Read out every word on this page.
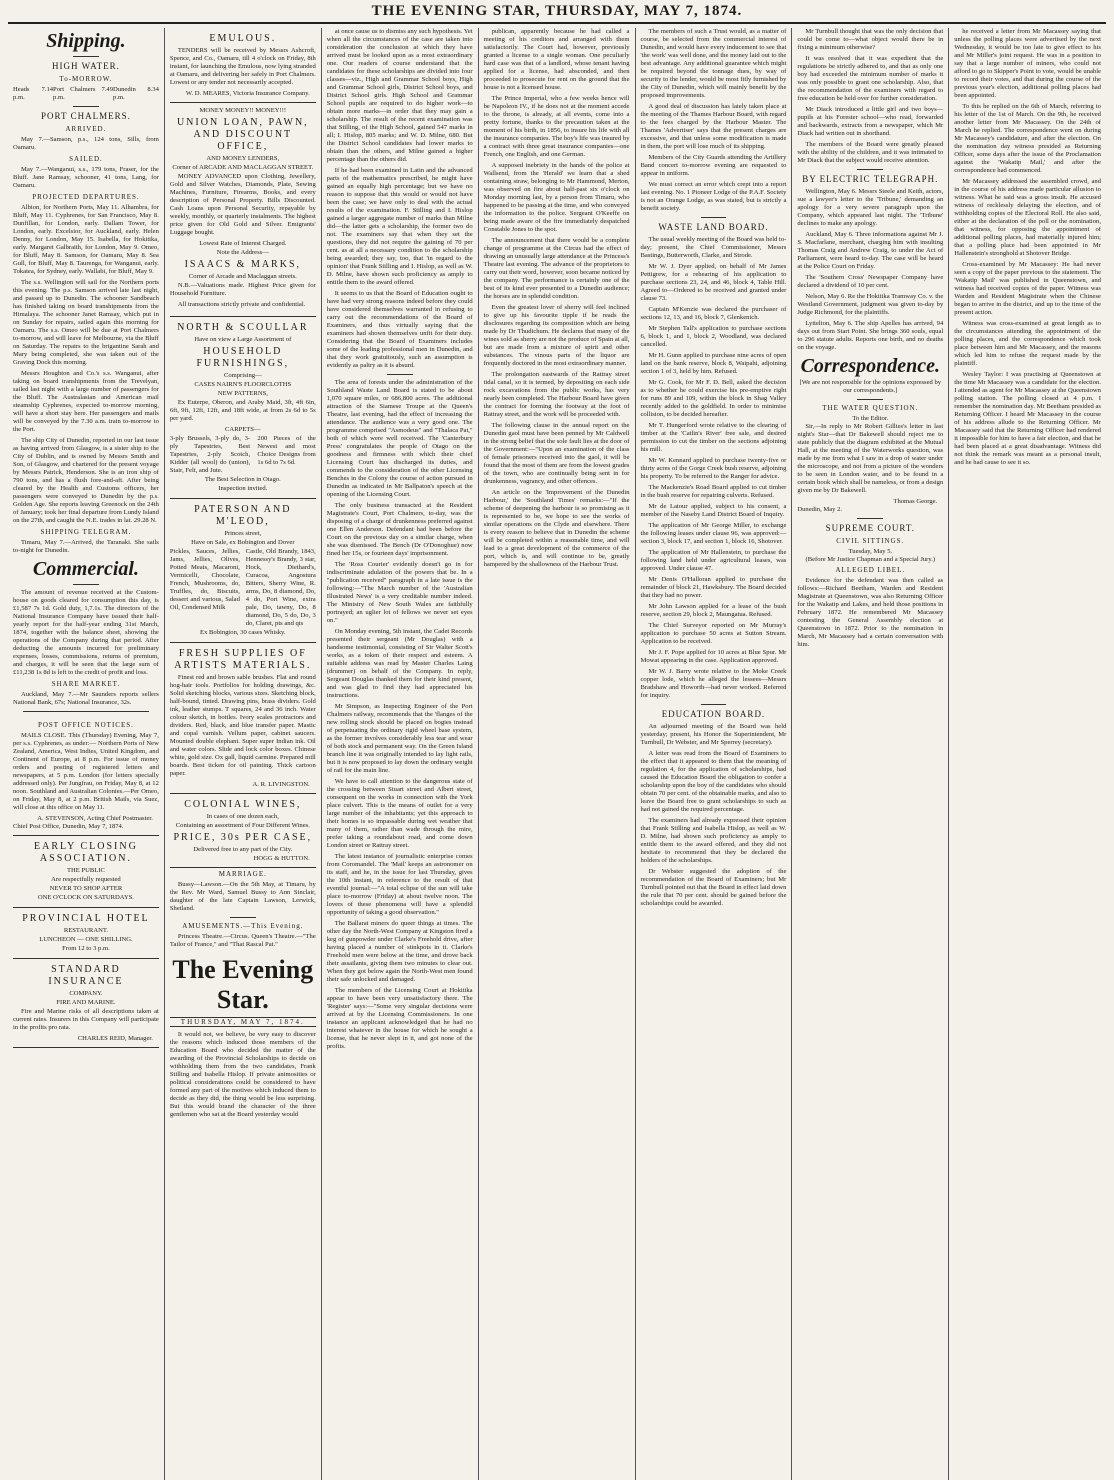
THE EVENING STAR, THURSDAY, MAY 7, 1874.
Shipping.
HIGH WATER.
To-MORROW.
Heads 7.14 p.m.
Port Chalmers 7.49 p.m.
Dunedin 8.34 p.m.
PORT CHALMERS.
ARRIVED.

May 7.—Samson, p.s., 124 tons, Sills, from Oamaru.

SAILED.

May 7.—Wanganui, s.s., 179 tons, Fraser, for the Bluff. Jane Ramsay, schooner, 41 tons, Lang, for Oamaru.

PROJECTED DEPARTURES.

Albion, for Northern Ports, May 11. Alhambra, for Bluff, May 11. Cyphrenes, for San Francisco, May 8. Dunfillan, for London, early. Dallam Tower, for London, early. Excelsior, for Auckland, early. Helen Denny, for London, May 15. Isabella, for Hokitika, early. Margaret Galbraith, for London, May 9. Omeo, for Bluff, May 8. Samson, for Oamaru, May 8. Sea Gull, for Bluff, May 8. Taurenga, for Wanganui, early. Tokatea, for Sydney, early. Wallabi, for Bluff, May 9.

The s.s. Wellington will sail for the Northern ports this evening. The p.s. Samson arrived late last night, and passed up to Dunedin. The schooner Sandbeach has finished taking on board transhipments from the Himalaya. The schooner Janet Ramsay, which put in on Sunday for repairs, sailed again this morning for Oamaru. The s.s. Omeo will be due at Port Chalmers to-morrow, and will leave for Melbourne, via the Bluff on Saturday. The repairs to the brigantine Sarah and Mary being completed, she was taken out of the Graving Dock this morning.

Messrs Houghton and Co.'s s.s. Wanganui, after taking on board transhipments from the Trevelyan, sailed last night with a large number of passengers for the Bluff. The Australasian and American mail steamship Cyphrenes, expected to-morrow morning, will have a short stay here. Her passengers and mails will be conveyed by the 7.30 a.m. train to-morrow to the Port.

The ship City of Dunedin, reported in our last issue as having arrived from Glasgow, is a sister ship to the City of Dublin, and is owned by Messrs Smith and Son, of Glasgow, and chartered for the present voyage by Messrs Patrick, Henderson. She is an iron ship of 790 tons, and has a flush fore-and-aft. After being cleared by the Health and Customs officers, her passengers were conveyed to Dunedin by the p.s. Golden Age. She reports leaving Greenock on the 24th of January; took her final departure from Lundy Island on the 27th, and caught the N.E. trades in lat. 29.28 N.

SHIPPING TELEGRAM.

Timaru, May 7.—Arrived, the Taranaki. She sails to-night for Dunedin.

Commercial.

The amount of revenue received at the Custom-house on goods cleared for consumption this day, is £1,587 7s 1d. Gold duty, 1,7.1s. The directors of the National Insurance Company have issued their half-yearly report for the half-year ending 31st March, 1874, together with the balance sheet, showing the operations of the Company during that period. After deducting the amounts incurred for preliminary expenses, losses, commissions, returns of premium, and charges, it will be seen that the large sum of £11,238 1s 8d is left to the credit of profit and loss.

SHARE MARKET.

Auckland, May 7.—Mr Saunders reports sellers National Bank, 67s; National Insurance, 32s.

POST OFFICE NOTICES.

MAILS CLOSE. This (Thursday) Evening, May 7, per s.s. Cyphrenes, as under:— Northern Ports of New Zealand, America, West Indies, United Kingdom, and Continent of Europe, at 8 p.m. For issue of money orders and posting of registered letters and newspapers, at 5 p.m. London (for letters specially addressed only). Per Jungfrau, on Friday, May 8, at 12 noon. Southland and Australian Colonies.—Per Omeo, on Friday, May 8, at 2 p.m. British Mails, via Suez, will close at this office on May 11.

A. STEVENSON, Acting Chief Postmaster.
Chief Post Office, Dunedin, May 7, 1874.
EARLY CLOSING ASSOCIATION.
THE PUBLIC
Are respectfully requested
NEVER TO SHOP AFTER
ONE O'CLOCK ON SATURDAYS.
PROVINCIAL HOTEL
RESTAURANT.
LUNCHEON — ONE SHILLING.
From 12 to 3 p.m.
STANDARD INSURANCE
COMPANY.
FIRE AND MARINE.

Fire and Marine risks of all descriptions taken at current rates. Insurers in this Company will participate in the profits pro rata.

CHARLES REID, Manager.
EMULOUS.

TENDERS will be received by Messrs Ashcroft, Spence, and Co., Oamaru, till 4 o'clock on Friday, 8th instant, for launching the Emulous, now lying stranded at Oamaru, and delivering her safely in Port Chalmers. Lowest or any tender not necessarily accepted.

W. D. MEARES, Victoria Insurance Company.
MONEY MONEY!! MONEY!!!
UNION LOAN, PAWN, AND DISCOUNT OFFICE,
AND MONEY LENDERS,
Corner of ARCADE AND MACLAGGAN STREET.

MONEY ADVANCED upon Clothing, Jewellery, Gold and Silver Watches, Diamonds, Plate, Sewing Machines, Furniture, Firearms, Books, and every description of Personal Property. Bills Discounted. Cash Loans upon Personal Security, repayable by weekly, monthly, or quarterly instalments. The highest price given for Old Gold and Silver. Emigrants' Luggage bought.

Lowest Rate of Interest Charged.
Note the Address—
ISAACS & MARKS,
Corner of Arcade and Maclaggan streets.

N.B.—Valuations made. Highest Price given for Household Furniture.

All transactions strictly private and confidential.

NORTH & SCOULLAR
Have on view a Large Assortment of
HOUSEHOLD FURNISHINGS,
Comprising—
CASES NAIRN'S FLOORCLOTHS
NEW PATTERNS,

Ex Euterpe, Oberon, and Araby Maid, 3ft, 4ft 6in, 6ft, 9ft, 12ft, 12ft, and 18ft wide, at from 2s 6d to 5s per yard.

CARPETS—
3-ply Brussels, 3-ply do, 3-ply Tapestries, Best Tapestries, 2-ply Scotch, Kidder (all wool) do (union), Stair, Felt, and Jute.
200 Pieces of the Newest and most Choice Designs from 1s 6d to 7s 6d.
The Best Selection in Otago.
Inspection invited.
PATERSON AND M'LEOD,
Princes street,
Have on Sale, ex Bobington and Dover
Pickles, Sauces, Jellies, Jams, Jellies, Olives, Potted Meats, Macaroni, Vermicelli, Chocolate, French, Mushrooms, do, Truffles, do, Biscuits, dessert and various, Salad Oil, Condensed Milk
Castle, Old Brandy, 1843, Hennessy's Brandy, 3 star, Hock, Diethard's, Curacoa, Angostura Bitters, Sherry Wine, R. arms, Do, 8 diamond, Do, 4 do, Port Wine, extra pale, Do, tawny, Do, 8 diamond, Do, 5 do, Do, 3 do, Claret, pts and qts
Ex Bobington, 30 cases Whisky.
FRESH SUPPLIES OF ARTISTS MATERIALS.

Finest red and brown sable brushes. Flat and round hog-hair tools. Portfolios for holding drawings, &c. Solid sketching blocks, various sizes. Sketching block, half-bound, tinted. Drawing pins, brass dividers. Gold ink, leather stumps. T squares, 24 and 36 inch. Water colour sketch, in bottles. Ivory scales protractors and dividers. Red, black, and blue transfer paper. Mastic and copal varnish. Vellum paper, cabinet saucers. Mounted double elephant. Super super Indian ink. Oil and water colors. Slide and lock color boxes. Chinese white, gold size. Ox gall, liquid carmine. Prepared mill boards. Best ticken for oil painting. Thick cartoon paper.

A. R. LIVINGSTON.
COLONIAL WINES,
In cases of one dozen each,
Containing an assortment of Four Different Wines.
PRICE, 30s PER CASE,
Delivered free to any part of the City.
HOGG & HUTTON.
MARRIAGE.

Bussy—Lawson.—On the 5th May, at Timaru, by the Rev. Mr Ward, Samuel Bussy to Ann Sinclair, daughter of the late Captain Lawson, Lerwick, Shetland.

AMUSEMENTS.—This Evening.

Princess Theatre.—Circus. Queen's Theatre.—"The Tailor of France," and "That Rascal Pat."

The Evening Star.
THURSDAY, MAY 7, 1874.

It would not, we believe, be very easy to discover the reasons which induced those members of the Education Board who decided the matter of the awarding of the Provincial Scholarships to decide on withholding them from the two candidates, Frank Stilling and Isabella Hislop. If private animosities or political considerations could be considered to have formed any part of the motives which induced them to decide as they did, the thing would be less surprising. But this would brand the character of the three gentlemen who sat at the Board yesterday would

at once cause us to dismiss any such hypothesis. Yet when all the circumstances of the case are taken into consideration the conclusion at which they have arrived must be looked upon as a most extraordinary one. Our readers of course understand that the candidates for these scholarships are divided into four classes—viz., High and Grammar School boys, High and Grammar School girls, District School boys, and District School girls. High School and Grammar School pupils are required to do higher work—to obtain more marks—in order that they may gain a scholarship. The result of the recent examination was that Stilling, of the High School, gained 547 marks in all; I. Hislop, 805 marks; and W. D. Milne, 680. But the District School candidates had lower marks to obtain than the others, and Milne gained a higher percentage than the others did.

If he had been examined in Latin and the advanced parts of the mathematics prescribed, he might have gained an equally high percentage; but we have no reason to suppose that this would or would not have been the case; we have only to deal with the actual results of the examination. F. Stilling and I. Hislop gained a larger aggregate number of marks than Milne did—the latter gets a scholarship, the former two do not. The examiners say that when they set the questions, they did not require the gaining of 70 per cent. as at all a necessary condition to the scholarship being awarded; they say, too, that 'in regard to the opinion' that Frank Stilling and I. Hislop, as well as W. D. Milne, have shown such proficiency as amply to entitle them to the award offered.

It seems to us that the Board of Education ought to have had very strong reasons indeed before they could have considered themselves warranted in refusing to carry out the recommendations of the Board of Examiners, and thus virtually saying that the examiners had shown themselves unfit for their duty. Considering that the Board of Examiners includes some of the leading professional men in Dunedin, and that they work gratuitously, such an assumption is evidently as paltry as it is absurd.

The area of forests under the administration of the Southland Waste Land Board is stated to be about 1,070 square miles, or 686,800 acres. The additional attraction of the Siamese Troupe at the Queen's Theatre, last evening, had the effect of increasing the attendance. The audience was a very good one. The programme comprised "Asmodeus" and "Thalaca Pat," both of which were well received. The 'Canterbury Press' congratulates the people of Otago on the goodness and firmness with which their chief Licensing Court has discharged its duties, and commends to the consideration of the other Licensing Benches in the Colony the course of action pursued in Dunedin as indicated in Mr Ballpaton's speech at the opening of the Licensing Court.

The only business transacted at the Resident Magistrate's Court, Port Chalmers, to-day, was the disposing of a charge of drunkenness preferred against one Ellen Anderson. Defendant had been before the Court on the previous day on a similar charge, when she was dismissed. The Bench (Dr O'Donoghue) now fined her 15s, or fourteen days' imprisonment.

The 'Ross Courier' evidently doesn't go in for indiscriminate adulation of the powers that be. In a "publication received" paragraph in a late issue is the following:—"The March number of the 'Australian Illustrated News' is a very creditable number indeed. The Ministry of New South Wales are faithfully portrayed; an uglier lot of fellows we never set eyes on."

On Monday evening, 5th instant, the Cadet Records presented their sergeant (Mr Douglas) with a handsome testimonial, consisting of Sir Walter Scott's works, as a token of their respect and esteem. A suitable address was read by Master Charles Laing (drummer) on behalf of the Company. In reply, Sergeant Douglas thanked them for their kind present, and was glad to find they had appreciated his instructions.

Mr Simpson, as Inspecting Engineer of the Port Chalmers railway, recommends that the 'flanges of the new rolling stock should be placed on bogies instead of perpetuating the ordinary rigid wheel base system, as the former involves considerably less tear and wear of both stock and permanent way. On the Green Island branch line it was originally intended to lay light rails, but it is now proposed to lay down the ordinary weight of rail for the main line.

We have to call attention to the dangerous state of the crossing between Stuart street and Albert street, consequent on the works in connection with the York place culvert. This is the means of outlet for a very large number of the inhabitants; yet this approach to their homes is so impassable during wet weather that many of them, rather than wade through the mire, prefer taking a roundabout road, and come down London street or Rattray street.

The latest instance of journalistic enterprise comes from Coromandel. The 'Mail' keeps an astronomer on its staff, and he, in the issue for last Thursday, gives the 10th instant, in reference to the result of that eventful journal:—"A total eclipse of the sun will take place to-morrow (Friday) at about twelve noon. The lovers of these phenomena will have a splendid opportunity of taking a good observation."

The Ballarat miners do queer things at times. The other day the North-West Company at Kingston fired a keg of gunpowder under Clarke's Freehold drive, after having placed a number of stinkpots in it. Clarke's Freehold men were below at the time, and drove back their assailants, giving them two minutes to clear out. When they got below again the North-West men found their safe unlocked and damaged.

The members of the Licensing Court at Hokitika appear to have been very unsatisfactory there. The 'Register' says:—"Some very singular decisions were arrived at by the Licensing Commissioners. In one instance an applicant acknowledged that he had no interest whatever in the house for which he sought a license, that he never slept in it, and got none of the profits.

publican, apparently because he had called a meeting of his creditors and arranged with them satisfactorily. The Court had, however, previously granted a license to a single woman. One peculiarly hard case was that of a landlord, whose tenant having applied for a license, had absconded, and then proceeded to prosecute for rent on the ground that the house is not a licensed house.

The Prince Imperial, who a few weeks hence will be Napoleon IV., if he does not at the moment accede to the throne, is already, at all events, come into a pretty fortune, thanks to the precaution taken at the moment of his birth, in 1856, to insure his life with all the insurance companies. The boy's life was insured by a contract with three great insurance companies—one French, one English, and one German.

A supposed inebriety in the hands of the police at Wallsend, from the 'Herald' we learn that a shed containing straw, belonging to Mr Hammond, Merton, was observed on fire about half-past six o'clock on Monday morning last, by a person from Timaru, who happened to be passing at the time, and who conveyed the information to the police. Sergeant O'Keeffe on being made aware of the fire immediately despatched Constable Jones to the spot.

The announcement that there would be a complete change of programme at the Circus had the effect of drawing an unusually large attendance at the Princess's Theatre last evening. The advance of the proprietors to carry out their word, however, soon became noticed by the company. The performance is certainly one of the best of its kind ever presented to a Dunedin audience; the horses are in splendid condition.

Even the greatest lover of sherry will feel inclined to give up his favourite tipple if he reads the disclosures regarding its composition which are being made by Dr Thudichum. He declares that many of the wines sold as sherry are not the produce of Spain at all, but are made from a mixture of spirit and other substances. The vinous parts of the liquor are frequently doctored in the most extraordinary manner.

The prolongation eastwards of the Rattray street tidal canal, so it is termed, by depositing on each side rock excavations from the public works, has very nearly been completed. The Harbour Board have given the contract for forming the footway at the foot of Rattray street, and the work will be proceeded with.

The following clause in the annual report on the Dunedin gaol must have been penned by Mr Caldwell in the strong belief that the sole fault lies at the door of the Government:—"Upon an examination of the class of female prisoners received into the gaol, it will be found that the most of them are from the lowest grades of the town, who are continually being sent in for drunkenness, vagrancy, and other offences.

An article on the 'Improvement of the Dunedin Harbour,' the 'Southland Times' remarks:—"If the scheme of deepening the harbour is so promising as it is represented to be, we hope to see the works of similar operations on the Clyde and elsewhere. There is every reason to believe that in Dunedin the scheme will be completed within a reasonable time, and will lead to a great development of the commerce of the port, which is, and will continue to be, greatly hampered by the shallowness of the Harbour Trust.

The members of such a Trust would, as a matter of course, be selected from the commercial interest of Dunedin, and would have every inducement to see that 'the work' was well done, and the money laid out to the best advantage. Any additional guarantee which might be required beyond the tonnage dues, by way of security to the lender, would be most fitly furnished by the City of Dunedin, which will mainly benefit by the proposed improvements.

A good deal of discussion has lately taken place at the meeting of the Thames Harbour Board, with regard to the fees charged by the Harbour Master. The Thames 'Advertiser' says that the present charges are excessive, and that unless some modification is made in them, the port will lose much of its shipping.

Members of the City Guards attending the Artillery Band concert to-morrow evening are requested to appear in uniform.

We must correct an error which crept into a report last evening. No. 1 Pioneer Lodge of the P.A.F. Society is not an Orange Lodge, as was stated, but is strictly a benefit society.

WASTE LAND BOARD.

The usual weekly meeting of the Board was held to-day; present, the Chief Commissioner, Messrs Bastings, Butterworth, Clarke, and Strode.

Mr W. J. Dyer applied, on behalf of Mr James Pettigrew, for a rehearing of his application to purchase sections 23, 24, and 46, block 4, Table Hill. Agreed to—Ordered to be received and granted under clause 73.

Captain M'Kenzie was declared the purchaser of sections 12, 13, and 16, block 7, Glenkenich.

Mr Stephen Tall's application to purchase sections 6, block 1, and 1, block 2, Woodland, was declared cancelled.

Mr H. Gunn applied to purchase nine acres of open land on the bank reserve, block 8, Waipahi, adjoining section 1 of 3, held by him. Refused.

Mr G. Cook, for Mr F. D. Bell, asked the decision as to whether he could exercise his pre-emptive right for runs 89 and 109, within the block in Shag Valley recently added to the goldfield. In order to minimise collision, to be decided hereafter.

Mr T. Hungerford wrote relative to the clearing of timber at the 'Catlin's River' free sale, and desired permission to cut the timber on the sections adjoining his mill.

Mr W. Kennard applied to purchase twenty-five or thirty acres of the Gorge Creek bush reserve, adjoining his property. To be referred to the Ranger for advice.

The Mackenzie's Road Board applied to cut timber in the bush reserve for repairing culverts. Refused.

Mr de Latour applied, subject to his consent, a member of the Naseby Land District Board of Inquiry.

The application of Mr George Miller, to exchange the following leases under clause 96, was approved:—section 3, block 17, and section 1, block 16, Shotover.

The application of Mr Hallenstein, to purchase the following land held under agricultural leases, was approved. Under clause 47.

Mr Denis O'Halloran applied to purchase the remainder of block 21, Hawksbury. The Board decided that they had no power.

Mr John Lawson applied for a lease of the bush reserve, section 29, block 2, Maungatua. Refused.

The Chief Surveyor reported on Mr Murray's application to purchase 50 acres at Sutton Stream. Application to be received.

Mr J. F. Pope applied for 10 acres at Blue Spur. Mr Mowat appearing in the case. Application approved.

Mr W. J. Barry wrote relative to the Moke Creek copper lode, which he alleged the lessees—Messrs Bradshaw and Howorth—had never worked. Referred for inquiry.

EDUCATION BOARD.

An adjourned meeting of the Board was held yesterday; present, his Honor the Superintendent, Mr Turnbull, Dr Webster, and Mr Sperrey (secretary).

A letter was read from the Board of Examiners to the effect that it appeared to them that the meaning of regulation 4, for the application of scholarships, had caused the Education Board the obligation to confer a scholarship upon the boy of the candidates who should obtain 70 per cent. of the obtainable marks, and also to leave the Board free to grant scholarships to such as had not gained the required percentage.

The examiners had already expressed their opinion that Frank Stilling and Isabella Hislop, as well as W. D. Milne, had shown such proficiency as amply to entitle them to the award offered, and they did not hesitate to recommend that they be declared the holders of the scholarships.

Dr Webster suggested the adoption of the recommendation of the Board of Examiners; but Mr Turnbull pointed out that the Board in effect laid down the rule that 70 per cent. should be gained before the scholarships could be awarded.

Mr Turnbull thought that was the only decision that could be come to—what object would there be in fixing a minimum otherwise?

It was resolved that it was expedient that the regulations be strictly adhered to, and that as only one boy had exceeded the minimum number of marks it was only possible to grant one scholarship. Also, that the recommendation of the examiners with regard to free education be held over for further consideration.

Mr Diack introduced a little girl and two boys—pupils at his Forester school—who read, forwarded and backwards, extracts from a newspaper, which Mr Diack had written out in shorthand.

The members of the Board were greatly pleased with the ability of the children, and it was intimated to Mr Diack that the subject would receive attention.

BY ELECTRIC TELEGRAPH.

Wellington, May 6. Messrs Steele and Keith, actors, sue a lawyer's letter to the 'Tribune,' demanding an apology for a very severe paragraph upon the Company, which appeared last night. The 'Tribune' declines to make any apology.

Auckland, May 6. Three informations against Mr J. S. Macfarlane, merchant, charging him with insulting Thomas Craig and Andrew Craig, to under the Act of Parliament, were heard to-day. The case will be heard at the Police Court on Friday.

The 'Southern Cross' Newspaper Company have declared a dividend of 10 per cent.

Nelson, May 6. Re the Hokitika Tramway Co. v. the Westland Government, judgment was given to-day by Judge Richmond, for the plaintiffs.

Lyttelton, May 6. The ship Apelles has arrived, 94 days out from Start Point. She brings 360 souls, equal to 296 statute adults. Reports one birth, and no deaths on the voyage.

Correspondence.
[We are not responsible for the opinions expressed by our correspondents.]
THE WATER QUESTION.
To the Editor.

Sir,—In reply to Mr Robert Gillies's letter in last night's Star—that Dr Bakewell should reject me to state publicly that the diagram exhibited at the Mutual Hall, at the meeting of the Waterworks question, was made by me from what I saw in a drop of water under the microscope, and not from a picture of the wonders to be seen in London water, and to be found in a certain book which shall be nameless, or from a design given me by Dr Bakewell.

Thomas George.
Dunedin, May 2.
SUPREME COURT.
CIVIL SITTINGS.
Tuesday, May 5.
(Before Mr Justice Chapman and a Special Jury.)
ALLEGED LIBEL.

Evidence for the defendant was then called as follows:—Richard Beetham, Warden and Resident Magistrate at Queenstown, was also Returning Officer for the Wakatip and Lakes, and held those positions in February 1872. He remembered Mr Macassey contesting the General Assembly election at Queenstown in 1872. Prior to the nomination in March, Mr Macassey had a certain conversation with him.

he received a letter from Mr Macassey saying that unless the polling places were advertised by the next Wednesday, it would be too late to give effect to his and Mr Miller's joint request. He was in a position to say that a large number of miners, who could not afford to go to Skipper's Point to vote, would be unable to record their votes, and that during the course of the previous year's election, additional polling places had been appointed.

To this he replied on the 6th of March, referring to his letter of the 1st of March. On the 9th, he received another letter from Mr Macassey. On the 24th of March he replied. The correspondence went on during Mr Macassey's candidature, and after the election. On the nomination day witness presided as Returning Officer, some days after the issue of the Proclamation against the 'Wakatip Mail,' and after the correspondence had commenced.

Mr Macassey addressed the assembled crowd, and in the course of his address made particular allusion to witness. What he said was a gross insult. He accused witness of recklessly delaying the election, and of withholding copies of the Electoral Roll. He also said, either at the declaration of the poll or the nomination, that witness, for opposing the appointment of additional polling places, had materially injured him; that a polling place had been appointed in Mr Hallenstein's stronghold at Shotover Bridge.

Cross-examined by Mr Macassey: He had never seen a copy of the paper previous to the statement. The 'Wakatip Mail' was published in Queenstown, and witness had received copies of the paper. Witness was Warden and Resident Magistrate when the Chinese began to arrive in the district, and up to the time of the present action.

Witness was cross-examined at great length as to the circumstances attending the appointment of the polling places, and the correspondence which took place between him and Mr Macassey, and the reasons which led him to refuse the request made by the plaintiff.

Wesley Taylor: I was practising at Queenstown at the time Mr Macassey was a candidate for the election. I attended as agent for Mr Macassey at the Queenstown polling station. The polling closed at 4 p.m. I remember the nomination day. Mr Beetham presided as Returning Officer. I heard Mr Macassey in the course of his address allude to the Returning Officer. Mr Macassey said that the Returning Officer had rendered it impossible for him to have a fair election, and that he had been placed at a great disadvantage. Witness did not think the remark was meant as a personal insult, and he had cause to see it so.
